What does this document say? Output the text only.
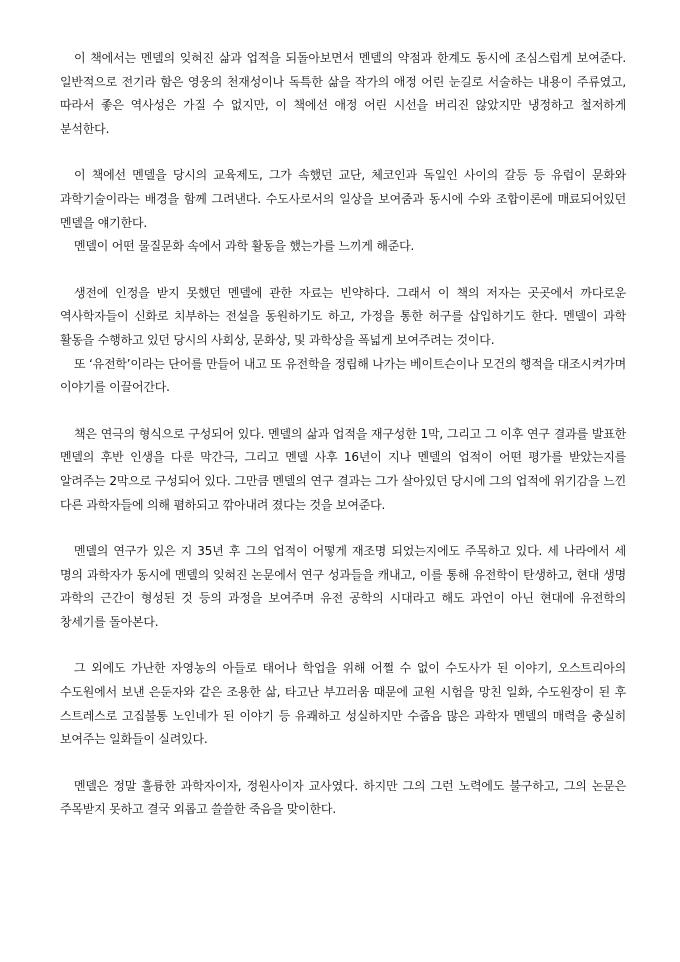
이 책에서는 멘델의 잊혀진 삶과 업적을 되돌아보면서 멘델의 약점과 한계도 동시에 조심스럽게 보여준다. 일반적으로 전기라 함은 영웅의 천재성이나 독특한 삶을 작가의 애정 어린 눈길로 서술하는 내용이 주류였고, 따라서 좋은 역사성은 가질 수 없지만, 이 책에선 애정 어린 시선을 버리진 않았지만 냉정하고 철저하게 분석한다.

이 책에선 멘델을 당시의 교육제도, 그가 속했던 교단, 체코인과 독일인 사이의 갈등 등 유럽이 문화와 과학기술이라는 배경을 함께 그려낸다. 수도사로서의 일상을 보여줌과 동시에 수와 조합이론에 매료되어있던 멘델을 얘기한다.

멘델이 어떤 물질문화 속에서 과학 활동을 했는가를 느끼게 해준다.

생전에 인정을 받지 못했던 멘델에 관한 자료는 빈약하다. 그래서 이 책의 저자는 곳곳에서 까다로운 역사학자들이 신화로 치부하는 전설을 동원하기도 하고, 가정을 통한 허구를 삽입하기도 한다. 멘델이 과학 활동을 수행하고 있던 당시의 사회상, 문화상, 및 과학상을 폭넓게 보여주려는 것이다.

또 ‘유전학’이라는 단어를 만들어 내고 또 유전학을 정립해 나가는 베이트슨이나 모건의 행적을 대조시켜가며 이야기를 이끌어간다.

책은 연극의 형식으로 구성되어 있다. 멘델의 삶과 업적을 재구성한 1막, 그리고 그 이후 연구 결과를 발표한 멘델의 후반 인생을 다룬 막간극, 그리고 멘델 사후 16년이 지나 멘델의 업적이 어떤 평가를 받았는지를 알려주는 2막으로 구성되어 있다. 그만큼 멘델의 연구 결과는 그가 살아있던 당시에 그의 업적에 위기감을 느낀 다른 과학자들에 의해 폄하되고 깎아내려 졌다는 것을 보여준다.

멘델의 연구가 있은 지 35년 후 그의 업적이 어떻게 재조명 되었는지에도 주목하고 있다. 세 나라에서 세 명의 과학자가 동시에 멘델의 잊혀진 논문에서 연구 성과들을 캐내고, 이를 통해 유전학이 탄생하고, 현대 생명 과학의 근간이 형성된 것 등의 과정을 보여주며 유전 공학의 시대라고 해도 과언이 아닌 현대에 유전학의 창세기를 돌아본다.

그 외에도 가난한 자영농의 아들로 태어나 학업을 위해 어쩔 수 없이 수도사가 된 이야기, 오스트리아의 수도원에서 보낸 은둔자와 같은 조용한 삶, 타고난 부끄러움 때문에 교원 시험을 망친 일화, 수도원장이 된 후 스트레스로 고집불통 노인네가 된 이야기 등 유쾌하고 성실하지만 수줍음 많은 과학자 멘델의 매력을 충실히 보여주는 일화들이 실려있다.

멘델은 정말 훌륭한 과학자이자, 정원사이자 교사였다. 하지만 그의 그런 노력에도 불구하고, 그의 논문은 주목받지 못하고 결국 외롭고 쓸쓸한 죽음을 맞이한다.
